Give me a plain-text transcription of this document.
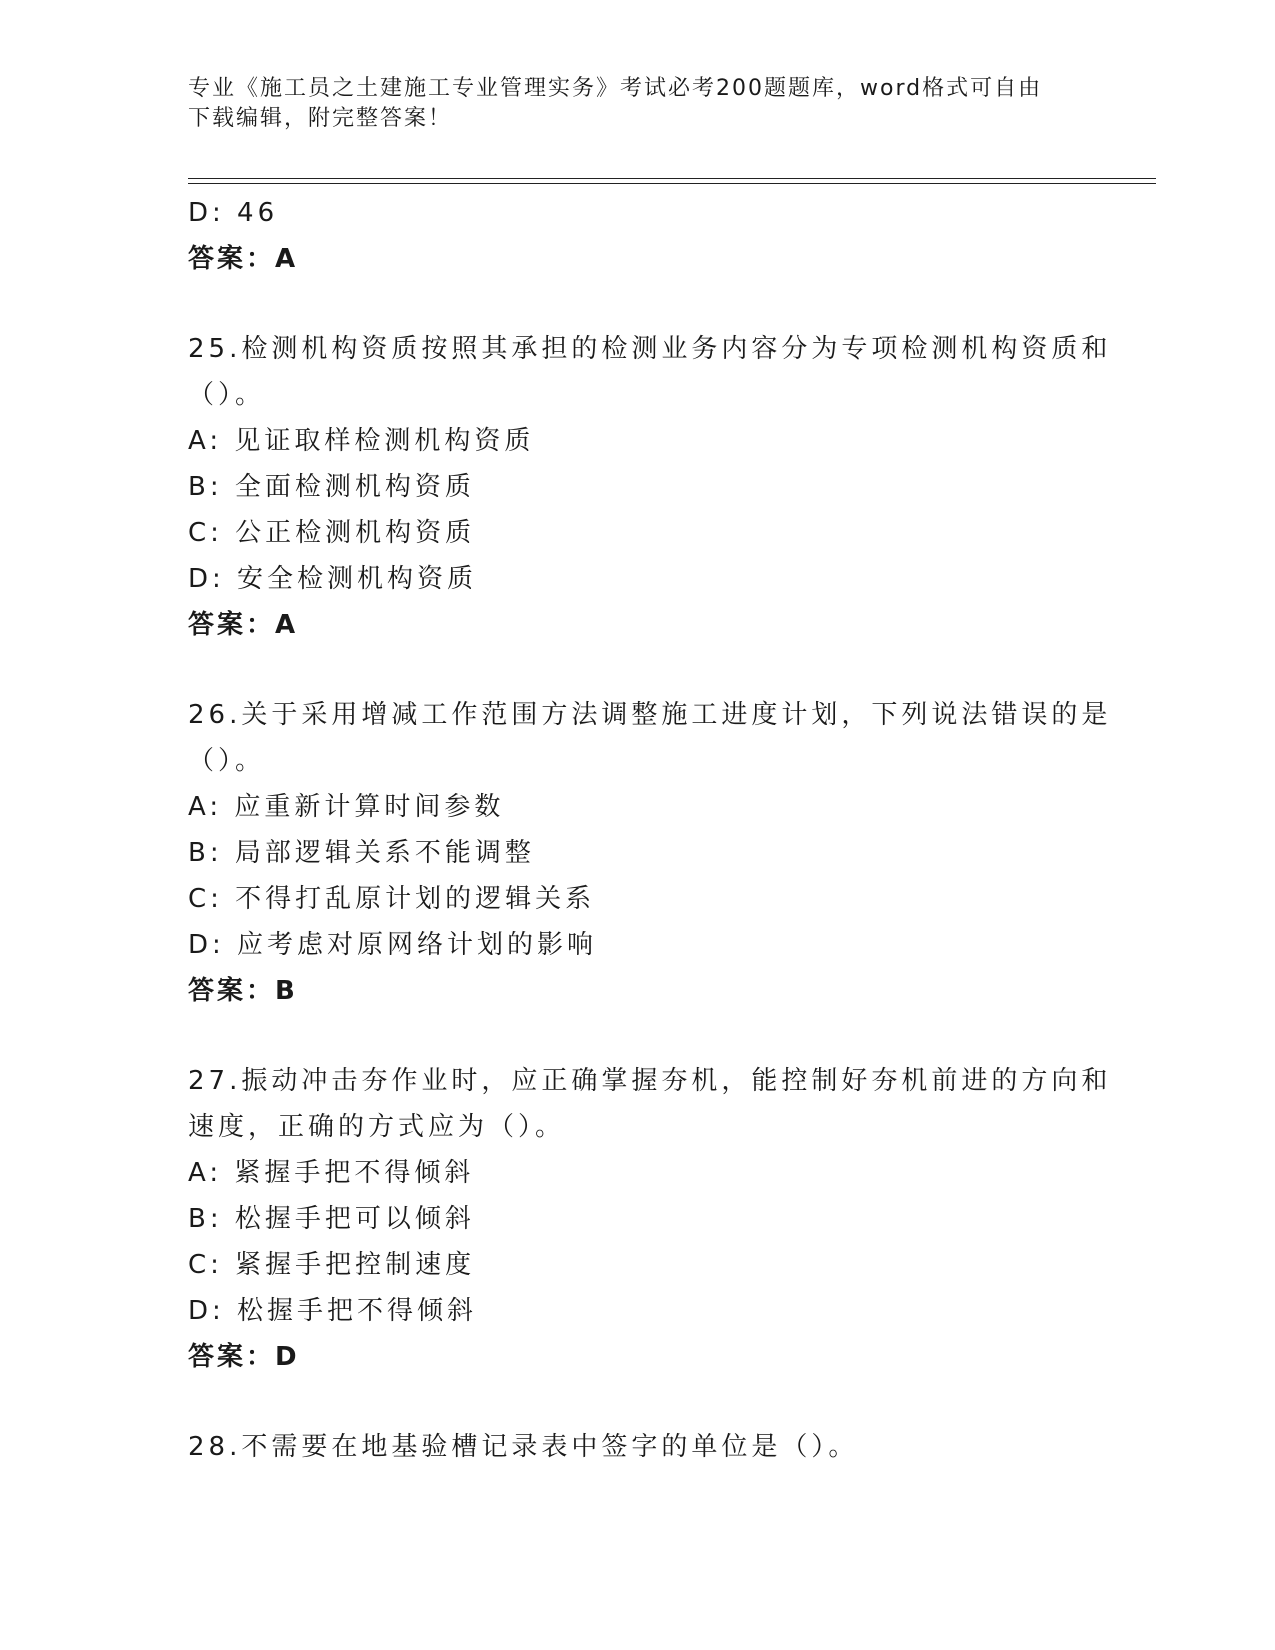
专业《施工员之土建施工专业管理实务》考试必考200题题库，word格式可自由
下载编辑，附完整答案！
D: 46
答案：A
25.检测机构资质按照其承担的检测业务内容分为专项检测机构资质和
（）。
A: 见证取样检测机构资质
B: 全面检测机构资质
C: 公正检测机构资质
D: 安全检测机构资质
答案：A
26.关于采用增减工作范围方法调整施工进度计划，下列说法错误的是
（）。
A: 应重新计算时间参数
B: 局部逻辑关系不能调整
C: 不得打乱原计划的逻辑关系
D: 应考虑对原网络计划的影响
答案：B
27.振动冲击夯作业时，应正确掌握夯机，能控制好夯机前进的方向和
速度，正确的方式应为（）。
A: 紧握手把不得倾斜
B: 松握手把可以倾斜
C: 紧握手把控制速度
D: 松握手把不得倾斜
答案：D
28.不需要在地基验槽记录表中签字的单位是（）。
